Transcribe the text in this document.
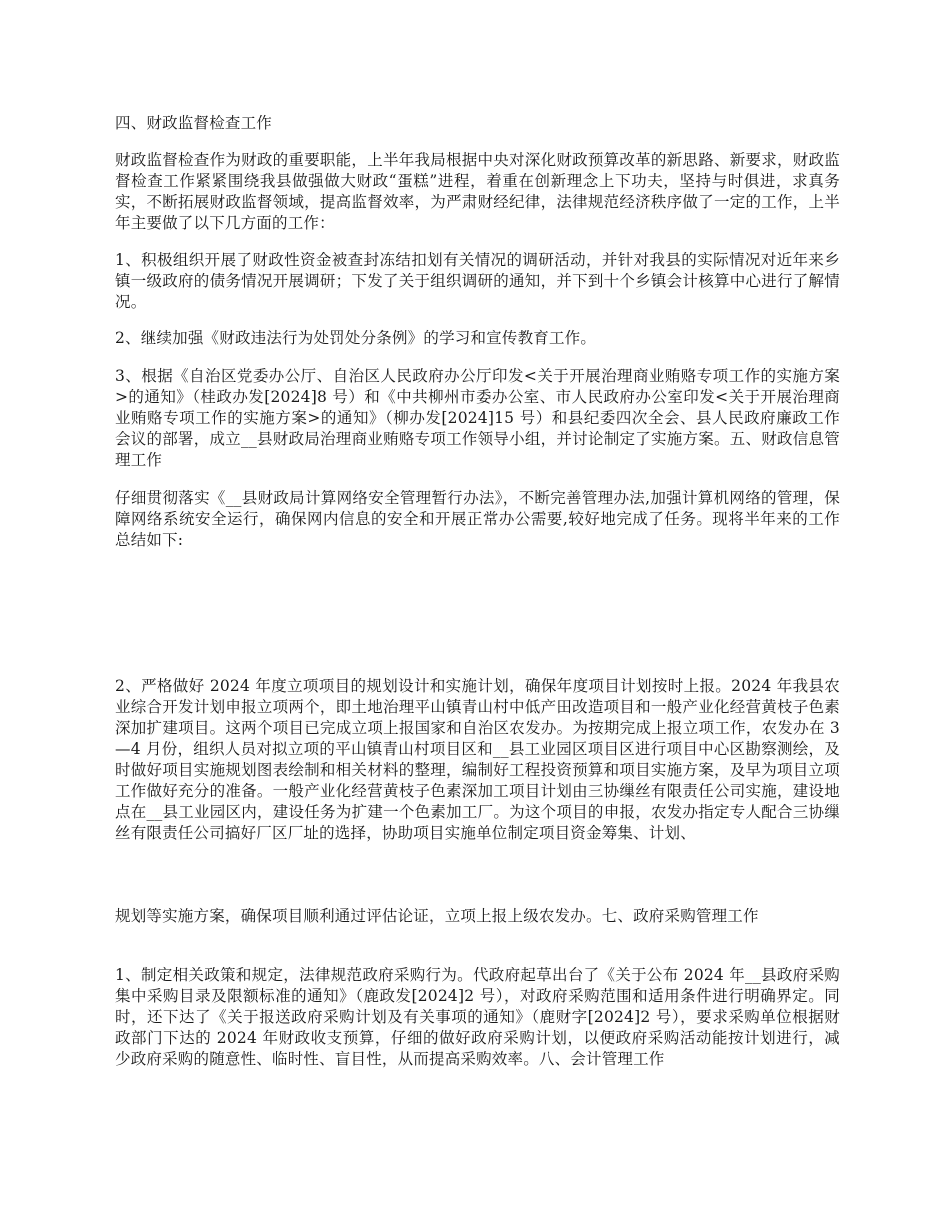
四、财政监督检查工作

财政监督检查作为财政的重要职能，上半年我局根据中央对深化财政预算改革的新思路、新要求，财政监督检查工作紧紧围绕我县做强做大财政“蛋糕”进程，着重在创新理念上下功夫，坚持与时俱进，求真务实，不断拓展财政监督领域，提高监督效率，为严肃财经纪律，法律规范经济秩序做了一定的工作，上半年主要做了以下几方面的工作：

1、积极组织开展了财政性资金被查封冻结扣划有关情况的调研活动，并针对我县的实际情况对近年来乡镇一级政府的债务情况开展调研；下发了关于组织调研的通知，并下到十个乡镇会计核算中心进行了解情况。

2、继续加强《财政违法行为处罚处分条例》的学习和宣传教育工作。

3、根据《自治区党委办公厅、自治区人民政府办公厅印发<关于开展治理商业贿赂专项工作的实施方案>的通知》（桂政办发[2024]8 号）和《中共柳州市委办公室、市人民政府办公室印发<关于开展治理商业贿赂专项工作的实施方案>的通知》（柳办发[2024]15 号）和县纪委四次全会、县人民政府廉政工作会议的部署，成立__县财政局治理商业贿赂专项工作领导小组，并讨论制定了实施方案。五、财政信息管理工作

仔细贯彻落实《__县财政局计算网络安全管理暂行办法》，不断完善管理办法,加强计算机网络的管理，保障网络系统安全运行，确保网内信息的安全和开展正常办公需要,较好地完成了任务。现将半年来的工作总结如下:

2、严格做好 2024 年度立项项目的规划设计和实施计划，确保年度项目计划按时上报。2024 年我县农业综合开发计划申报立项两个，即土地治理平山镇青山村中低产田改造项目和一般产业化经营黄枝子色素深加扩建项目。这两个项目已完成立项上报国家和自治区农发办。为按期完成上报立项工作，农发办在 3—4 月份，组织人员对拟立项的平山镇青山村项目区和__县工业园区项目区进行项目中心区勘察测绘，及时做好项目实施规划图表绘制和相关材料的整理，编制好工程投资预算和项目实施方案，及早为项目立项工作做好充分的准备。一般产业化经营黄枝子色素深加工项目计划由三协缫丝有限责任公司实施，建设地点在__县工业园区内，建设任务为扩建一个色素加工厂。为这个项目的申报，农发办指定专人配合三协缫丝有限责任公司搞好厂区厂址的选择，协助项目实施单位制定项目资金筹集、计划、

规划等实施方案，确保项目顺利通过评估论证，立项上报上级农发办。七、政府采购管理工作

1、制定相关政策和规定，法律规范政府采购行为。代政府起草出台了《关于公布 2024 年__县政府采购集中采购目录及限额标准的通知》（鹿政发[2024]2 号），对政府采购范围和适用条件进行明确界定。同时，还下达了《关于报送政府采购计划及有关事项的通知》（鹿财字[2024]2 号），要求采购单位根据财政部门下达的 2024 年财政收支预算，仔细的做好政府采购计划，以便政府采购活动能按计划进行，减少政府采购的随意性、临时性、盲目性，从而提高采购效率。八、会计管理工作
